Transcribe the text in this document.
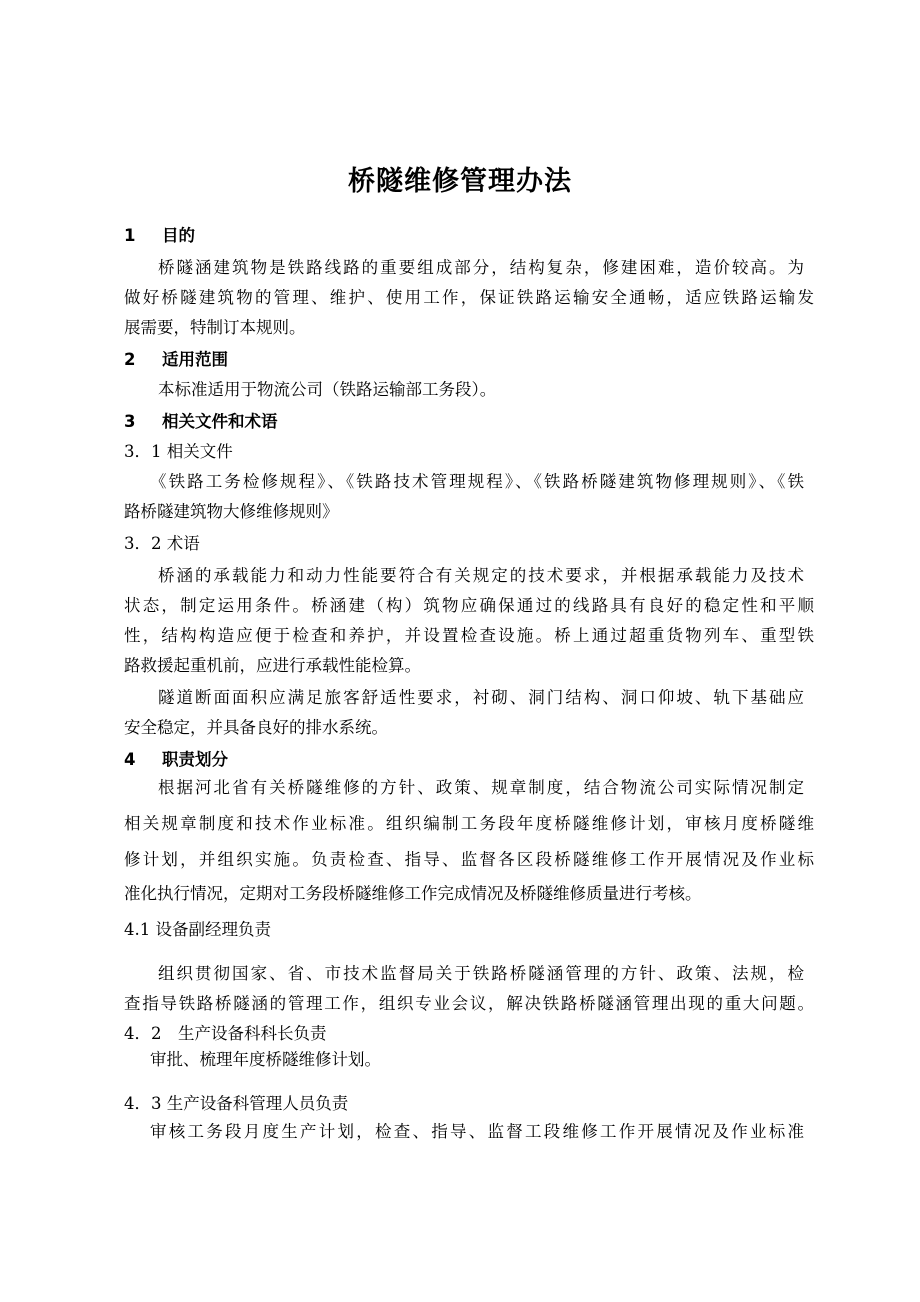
桥隧维修管理办法
1 目的
桥隧涵建筑物是铁路线路的重要组成部分，结构复杂，修建困难，造价较高。为
做好桥隧建筑物的管理、维护、使用工作，保证铁路运输安全通畅，适应铁路运输发
展需要，特制订本规则。
2 适用范围
本标准适用于物流公司（铁路运输部工务段）。
3 相关文件和术语
3．1 相关文件
《铁路工务检修规程》、《铁路技术管理规程》、《铁路桥隧建筑物修理规则》、《铁
路桥隧建筑物大修维修规则》
3．2 术语
桥涵的承载能力和动力性能要符合有关规定的技术要求，并根据承载能力及技术
状态，制定运用条件。桥涵建（构）筑物应确保通过的线路具有良好的稳定性和平顺
性，结构构造应便于检查和养护，并设置检查设施。桥上通过超重货物列车、重型铁
路救援起重机前，应进行承载性能检算。
隧道断面面积应满足旅客舒适性要求，衬砌、洞门结构、洞口仰坡、轨下基础应
安全稳定，并具备良好的排水系统。
4 职责划分
根据河北省有关桥隧维修的方针、政策、规章制度，结合物流公司实际情况制定
相关规章制度和技术作业标准。组织编制工务段年度桥隧维修计划，审核月度桥隧维
修计划，并组织实施。负责检查、指导、监督各区段桥隧维修工作开展情况及作业标
准化执行情况，定期对工务段桥隧维修工作完成情况及桥隧维修质量进行考核。
4.1 设备副经理负责
组织贯彻国家、省、市技术监督局关于铁路桥隧涵管理的方针、政策、法规，检
查指导铁路桥隧涵的管理工作，组织专业会议，解决铁路桥隧涵管理出现的重大问题。
4．2　生产设备科科长负责
审批、梳理年度桥隧维修计划。
4．3 生产设备科管理人员负责
审核工务段月度生产计划，检查、指导、监督工段维修工作开展情况及作业标准
